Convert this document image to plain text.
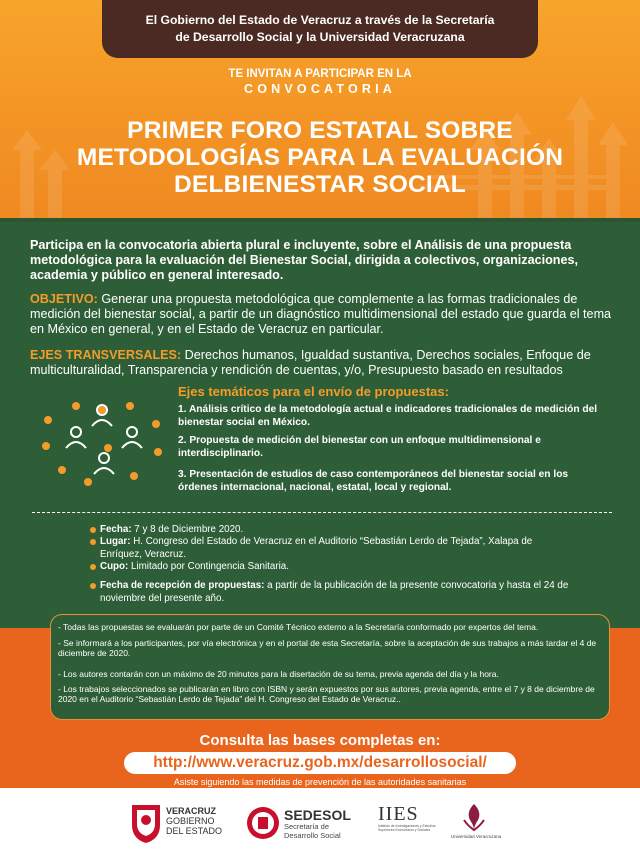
El Gobierno del Estado de Veracruz a través de la Secretaría
de Desarrollo Social y la Universidad Veracruzana
TE INVITAN A PARTICIPAR EN LA
CONVOCATORIA
PRIMER FORO ESTATAL SOBRE
METODOLOGÍAS PARA LA EVALUACIÓN
DELBIENESTAR SOCIAL
Participa en la convocatoria abierta plural e incluyente, sobre el Análisis de una propuesta metodológica para la evaluación del Bienestar Social, dirigida a colectivos, organizaciones, academia y público en general interesado.
OBJETIVO: Generar una propuesta metodológica que complemente a las formas tradicionales de medición del bienestar social, a partir de un diagnóstico multidimensional del estado que guarda el tema en México en general, y en el Estado de Veracruz en particular.
EJES TRANSVERSALES: Derechos humanos, Igualdad sustantiva, Derechos sociales, Enfoque de multiculturalidad, Transparencia y rendición de cuentas, y/o, Presupuesto basado en resultados
Ejes temáticos para el envío de propuestas:
1. Análisis crítico de la metodología actual e indicadores tradicionales de medición del bienestar social en México.
2. Propuesta de medición del bienestar con un enfoque multidimensional e interdisciplinario.
3. Presentación de estudios de caso contemporáneos del bienestar social en los órdenes internacional, nacional, estatal, local y regional.
Fecha: 7 y 8 de Diciembre 2020.
Lugar: H. Congreso del Estado de Veracruz en el Auditorio “Sebastián Lerdo de Tejada”, Xalapa de Enríquez, Veracruz.
Cupo: Limitado por Contingencia Sanitaria.
Fecha de recepción de propuestas: a partir de la publicación de la presente convocatoria y hasta el 24 de noviembre del presente año.
- Todas las propuestas se evaluarán por parte de un Comité Técnico externo a la Secretaría conformado por expertos del tema.
- Se informará a los participantes, por vía electrónica y en el portal de esta Secretaría, sobre la aceptación de sus trabajos a más tardar el 4 de diciembre de 2020.
- Los autores contarán con un máximo de 20 minutos para la disertación de su tema, previa agenda del día y la hora.
- Los trabajos seleccionados se publicarán en libro con ISBN y serán expuestos por sus autores, previa agenda, entre el 7 y 8 de diciembre de 2020 en el Auditorio “Sebastián Lerdo de Tejada” del H. Congreso del Estado de Veracruz..
Consulta las bases completas en:
http://www.veracruz.gob.mx/desarrollosocial/
Asiste siguiendo las medidas de prevención de las autoridades sanitarias
VERACRUZ
GOBIERNO
DEL ESTADO
SEDESOL
Secretaría de
Desarrollo Social
IIES
Instituto de Investigaciones y Estudios Superiores Económicos y Sociales
Universidad Veracruzana
